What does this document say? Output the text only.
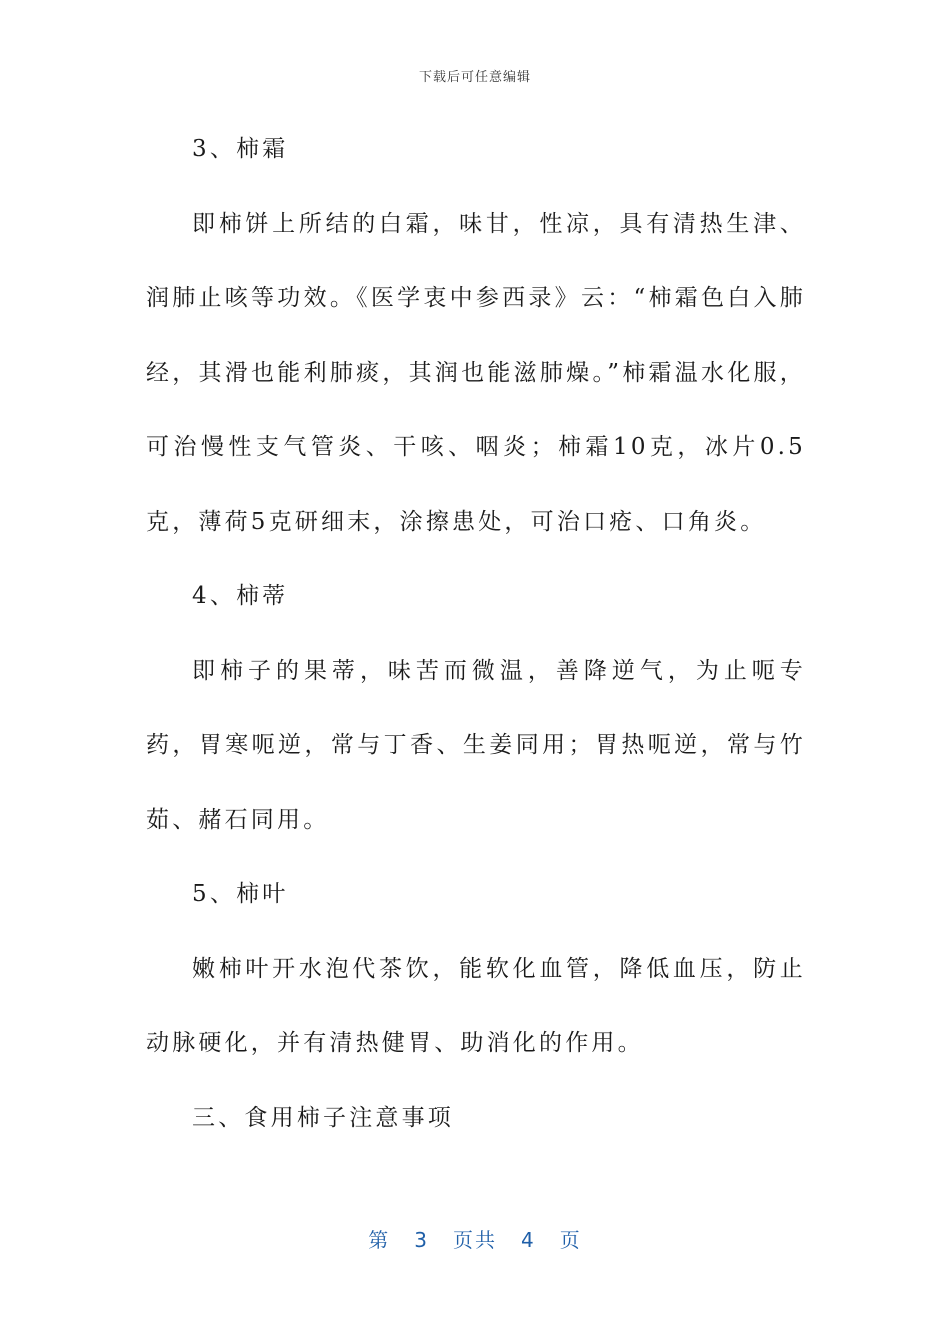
下载后可任意编辑

3、柿霜

即柿饼上所结的白霜，味甘，性凉，具有清热生津、润肺止咳等功效。《医学衷中参西录》云：“柿霜色白入肺经，其滑也能利肺痰，其润也能滋肺燥。”柿霜温水化服，可治慢性支气管炎、干咳、咽炎；柿霜10克，冰片0.5克，薄荷5克研细末，涂擦患处，可治口疮、口角炎。

4、柿蒂

即柿子的果蒂，味苦而微温，善降逆气，为止呃专药，胃寒呃逆，常与丁香、生姜同用；胃热呃逆，常与竹茹、赭石同用。

5、柿叶

嫩柿叶开水泡代茶饮，能软化血管，降低血压，防止动脉硬化，并有清热健胃、助消化的作用。

三、食用柿子注意事项

第 3 页共 4 页
